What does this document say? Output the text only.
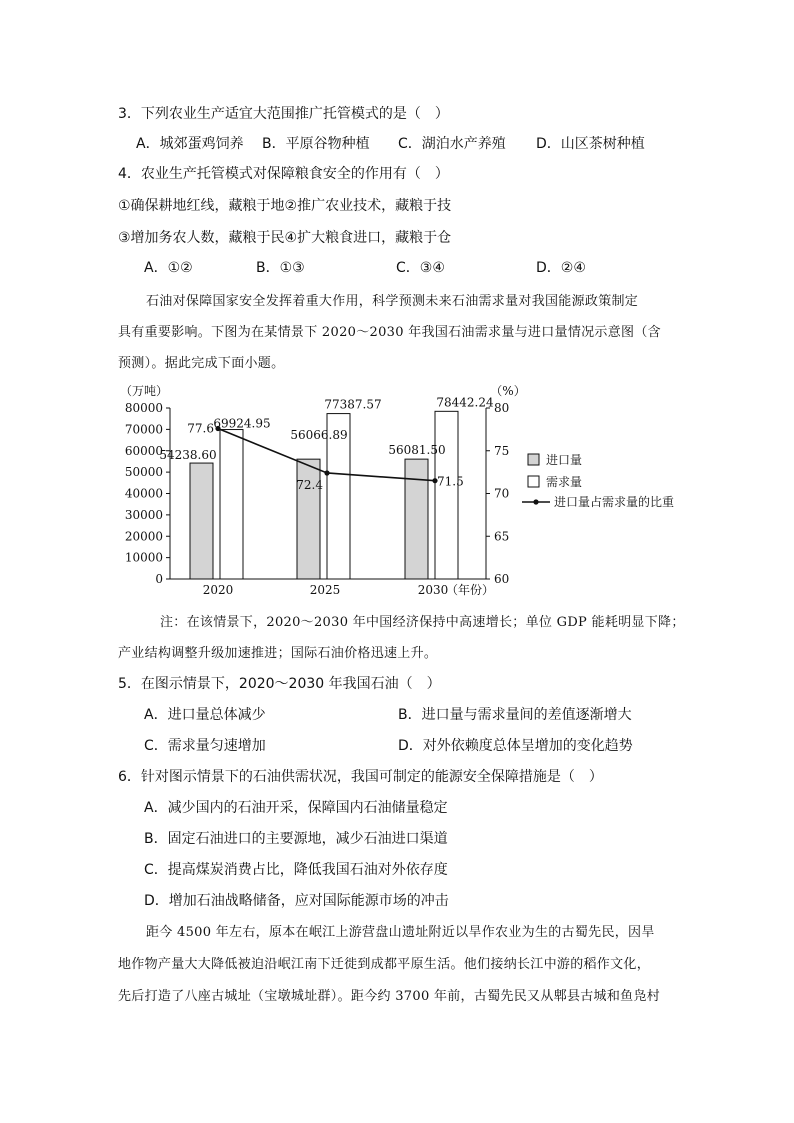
3．下列农业生产适宜大范围推广托管模式的是（　）
A．城郊蛋鸡饲养 B．平原谷物种植 C．湖泊水产养殖 D．山区茶树种植
4．农业生产托管模式对保障粮食安全的作用有（　）
①确保耕地红线，藏粮于地②推广农业技术，藏粮于技
③增加务农人数，藏粮于民④扩大粮食进口，藏粮于仓
A．①②	B．①③	C．③④	D．②④
石油对保障国家安全发挥着重大作用，科学预测未来石油需求量对我国能源政策制定
具有重要影响。下图为在某情景下 2020～2030 年我国石油需求量与进口量情况示意图（含
预测）。据此完成下面小题。
0
10000
20000
30000
40000
50000
60000
70000
80000
60
65
70
75
80
（万吨）	（%）
2020	2025	2030
（年份）
54238.60
56066.89
56081.50
69924.95
77387.57	78442.24
77.6
72.4	71.5
进口量
需求量
进口量占需求量的比重
注：在该情景下，2020～2030 年中国经济保持中高速增长；单位 GDP 能耗明显下降；
产业结构调整升级加速推进；国际石油价格迅速上升。
5．在图示情景下，2020～2030 年我国石油（　）
A．进口量总体减少	B．进口量与需求量间的差值逐渐增大
C．需求量匀速增加	D．对外依赖度总体呈增加的变化趋势
6．针对图示情景下的石油供需状况，我国可制定的能源安全保障措施是（　）
A．减少国内的石油开采，保障国内石油储量稳定
B．固定石油进口的主要源地，减少石油进口渠道
C．提高煤炭消费占比，降低我国石油对外依存度
D．增加石油战略储备，应对国际能源市场的冲击
距今 4500 年左右，原本在岷江上游营盘山遗址附近以旱作农业为生的古蜀先民，因旱
地作物产量大大降低被迫沿岷江南下迁徙到成都平原生活。他们接纳长江中游的稻作文化，
先后打造了八座古城址（宝墩城址群）。距今约 3700 年前，古蜀先民又从郫县古城和鱼凫村
